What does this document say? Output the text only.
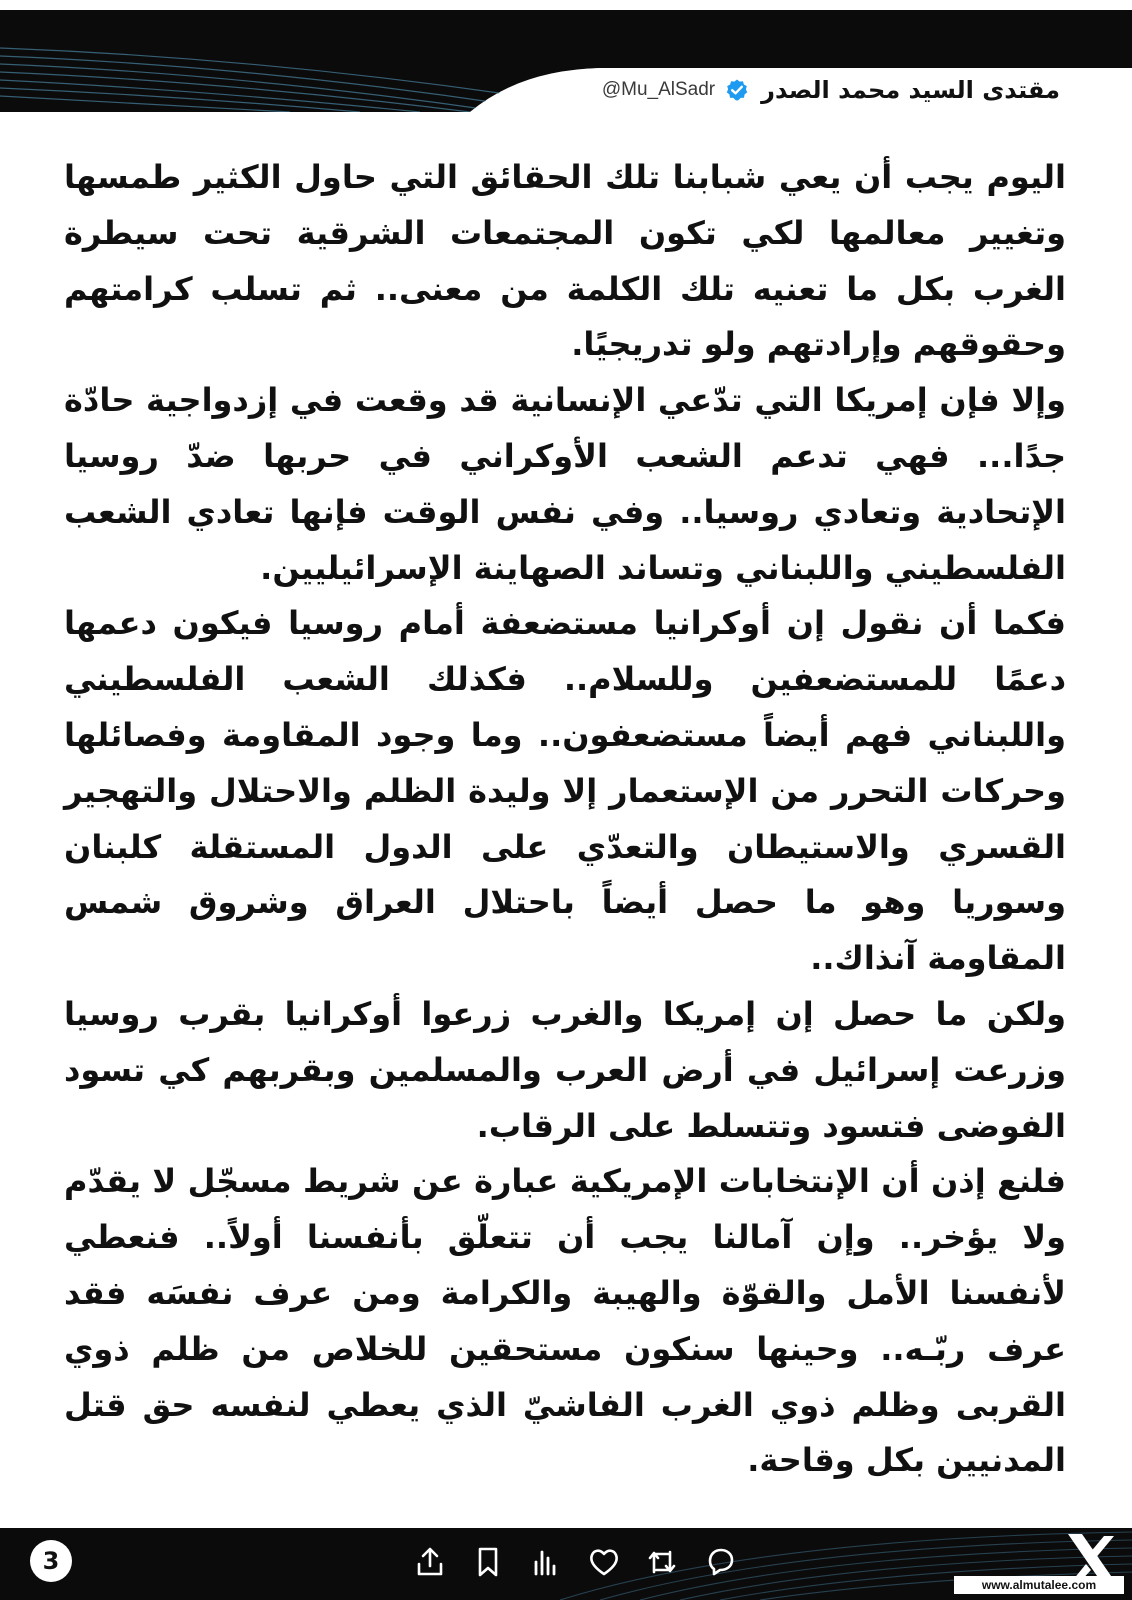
@Mu_AlSadr مقتدى السيد محمد الصدر

اليوم يجب أن يعي شبابنا تلك الحقائق التي حاول الكثير طمسها وتغيير معالمها لكي تكون المجتمعات الشرقية تحت سيطرة الغرب بكل ما تعنيه تلك الكلمة من معنى.. ثم تسلب كرامتهم وحقوقهم وإرادتهم ولو تدريجيًا.

وإلا فإن إمريكا التي تدّعي الإنسانية قد وقعت في إزدواجية حادّة جدًا... فهي تدعم الشعب الأوكراني في حربها ضدّ روسيا الإتحادية وتعادي روسيا.. وفي نفس الوقت فإنها تعادي الشعب الفلسطيني واللبناني وتساند الصهاينة الإسرائيليين.

فكما أن نقول إن أوكرانيا مستضعفة أمام روسيا فيكون دعمها دعمًا للمستضعفين وللسلام.. فكذلك الشعب الفلسطيني واللبناني فهم أيضاً مستضعفون.. وما وجود المقاومة وفصائلها وحركات التحرر من الإستعمار إلا وليدة الظلم والاحتلال والتهجير القسري والاستيطان والتعدّي على الدول المستقلة كلبنان وسوريا وهو ما حصل أيضاً باحتلال العراق وشروق شمس المقاومة آنذاك..

ولكن ما حصل إن إمريكا والغرب زرعوا أوكرانيا بقرب روسيا وزرعت إسرائيل في أرض العرب والمسلمين وبقربهم كي تسود الفوضى فتسود وتتسلط على الرقاب.

فلنع إذن أن الإنتخابات الإمريكية عبارة عن شريط مسجّل لا يقدّم ولا يؤخر.. وإن آمالنا يجب أن تتعلّق بأنفسنا أولاً.. فنعطي لأنفسنا الأمل والقوّة والهيبة والكرامة ومن عرف نفسَه فقد عرف ربّـه.. وحينها سنكون مستحقين للخلاص من ظلم ذوي القربى وظلم ذوي الغرب الفاشيّ الذي يعطي لنفسه حق قتل المدنيين بكل وقاحة.

3
www.almutalee.com
